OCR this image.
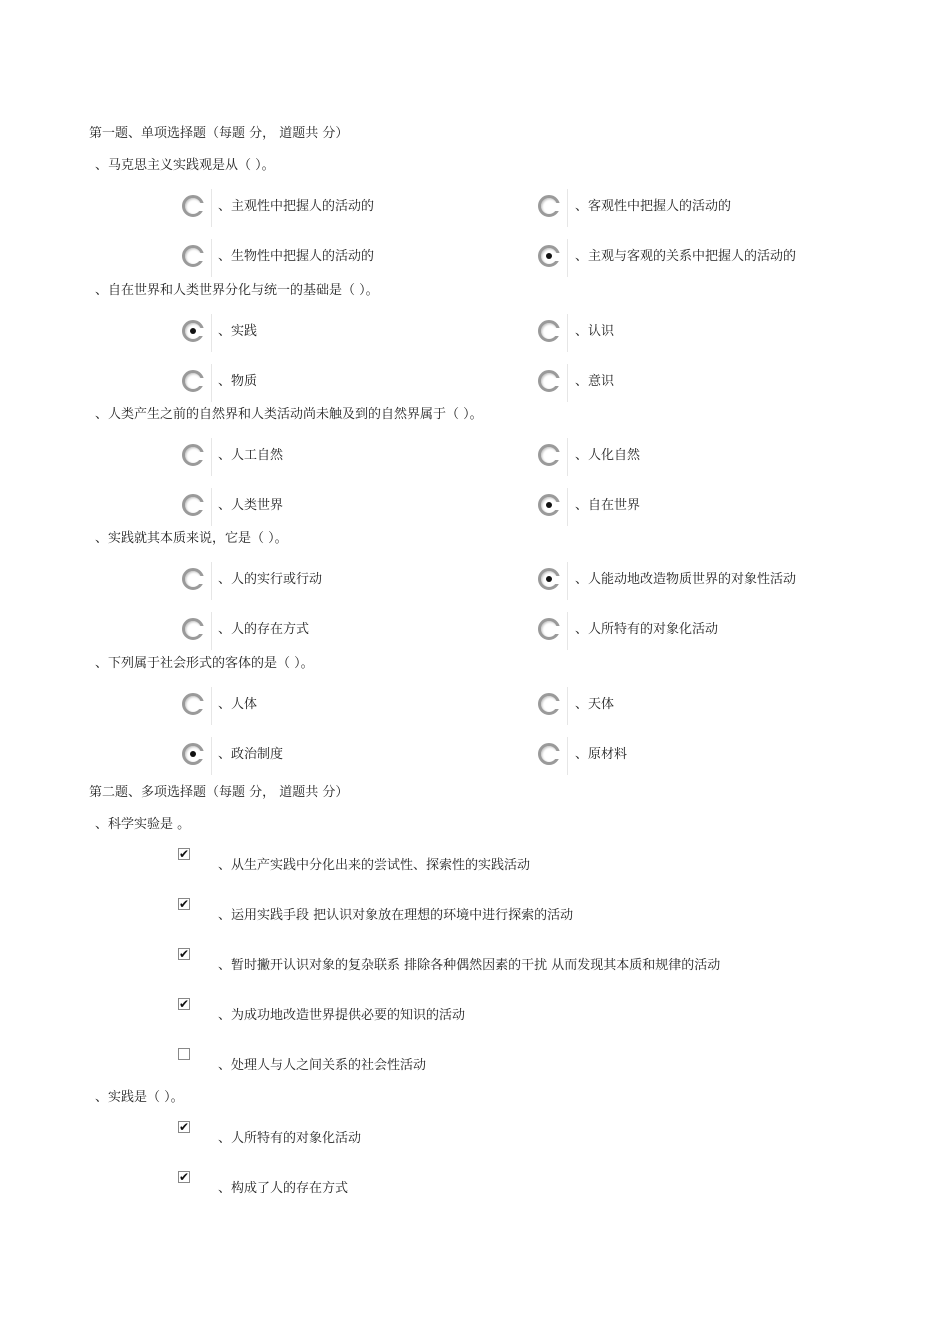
第一题、单项选择题（每题 分， 道题共 分）
、马克思主义实践观是从（ ）。
、主观性中把握人的活动的	、客观性中把握人的活动的
、生物性中把握人的活动的	、主观与客观的关系中把握人的活动的
、自在世界和人类世界分化与统一的基础是（ ）。
、实践	、认识
、物质	、意识
、人类产生之前的自然界和人类活动尚未触及到的自然界属于（ ）。
、人工自然	、人化自然
、人类世界	、自在世界
、实践就其本质来说，它是（ ）。
、人的实行或行动	、人能动地改造物质世界的对象性活动
、人的存在方式	、人所特有的对象化活动
、下列属于社会形式的客体的是（ ）。
、人体	、天体
、政治制度	、原材料
第二题、多项选择题（每题 分， 道题共 分）
、科学实验是 。
✔
、从生产实践中分化出来的尝试性、探索性的实践活动
✔
、运用实践手段 把认识对象放在理想的环境中进行探索的活动
✔
、暂时撇开认识对象的复杂联系 排除各种偶然因素的干扰 从而发现其本质和规律的活动
✔
、为成功地改造世界提供必要的知识的活动
、处理人与人之间关系的社会性活动
、实践是（ ）。
✔
、人所特有的对象化活动
✔
、构成了人的存在方式
